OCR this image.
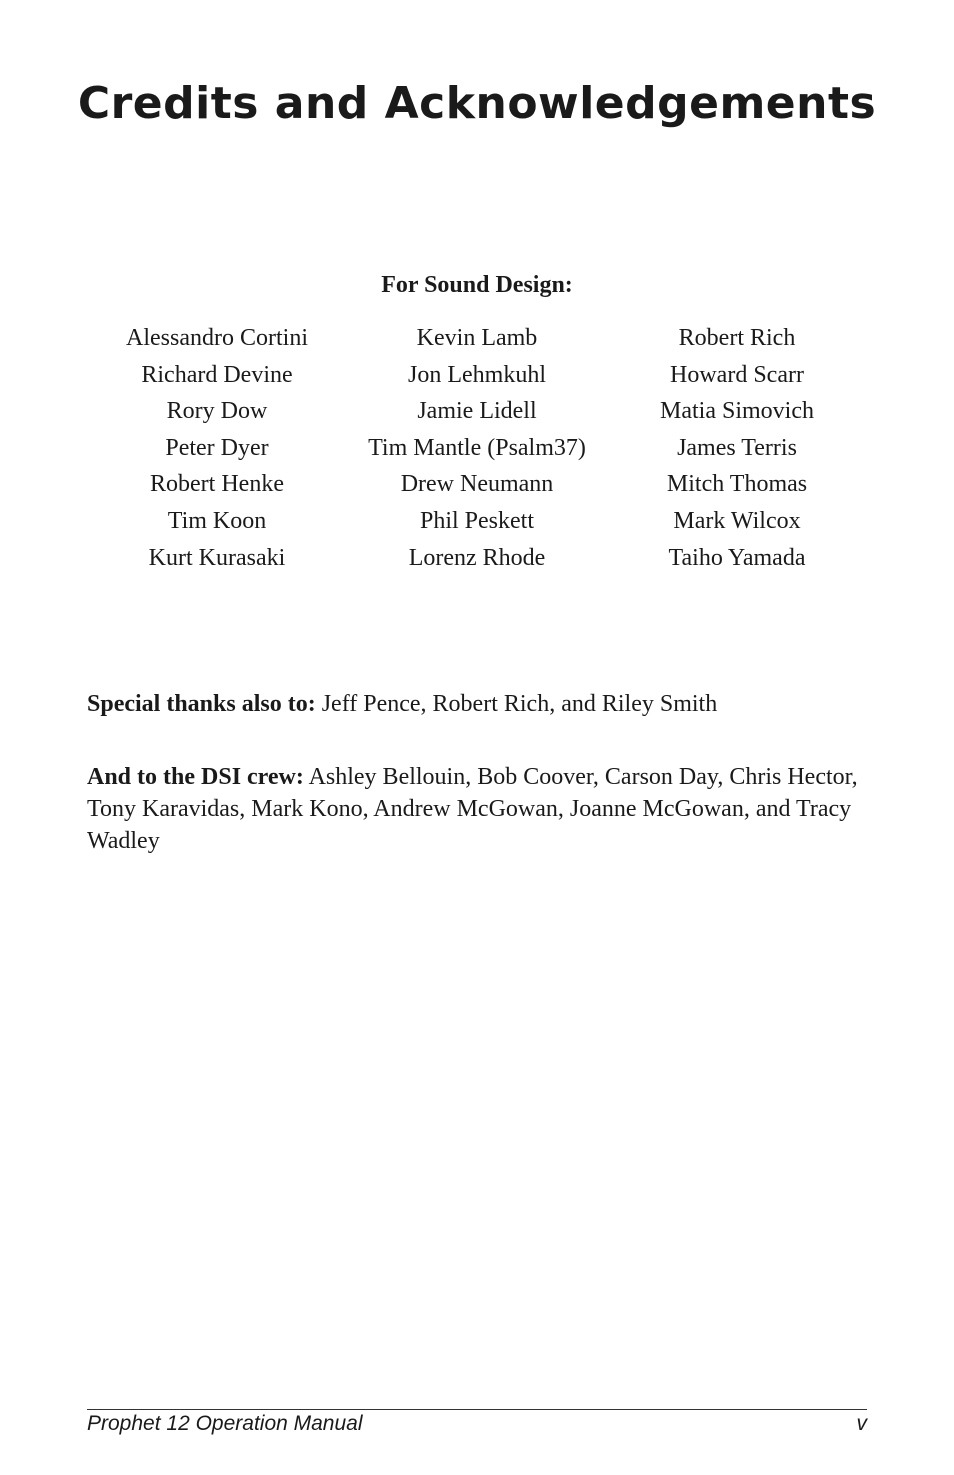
Credits and Acknowledgements
For Sound Design:
Alessandro Cortini
Richard Devine
Rory Dow
Peter Dyer
Robert Henke
Tim Koon
Kurt Kurasaki
Kevin Lamb
Jon Lehmkuhl
Jamie Lidell
Tim Mantle (Psalm37)
Drew Neumann
Phil Peskett
Lorenz Rhode
Robert Rich
Howard Scarr
Matia Simovich
James Terris
Mitch Thomas
Mark Wilcox
Taiho Yamada

Special thanks also to: Jeff Pence, Robert Rich, and Riley Smith

And to the DSI crew: Ashley Bellouin, Bob Coover, Carson Day, Chris Hector, Tony Karavidas, Mark Kono, Andrew McGowan, Joanne McGowan, and Tracy Wadley

Prophet 12 Operation Manual	v
